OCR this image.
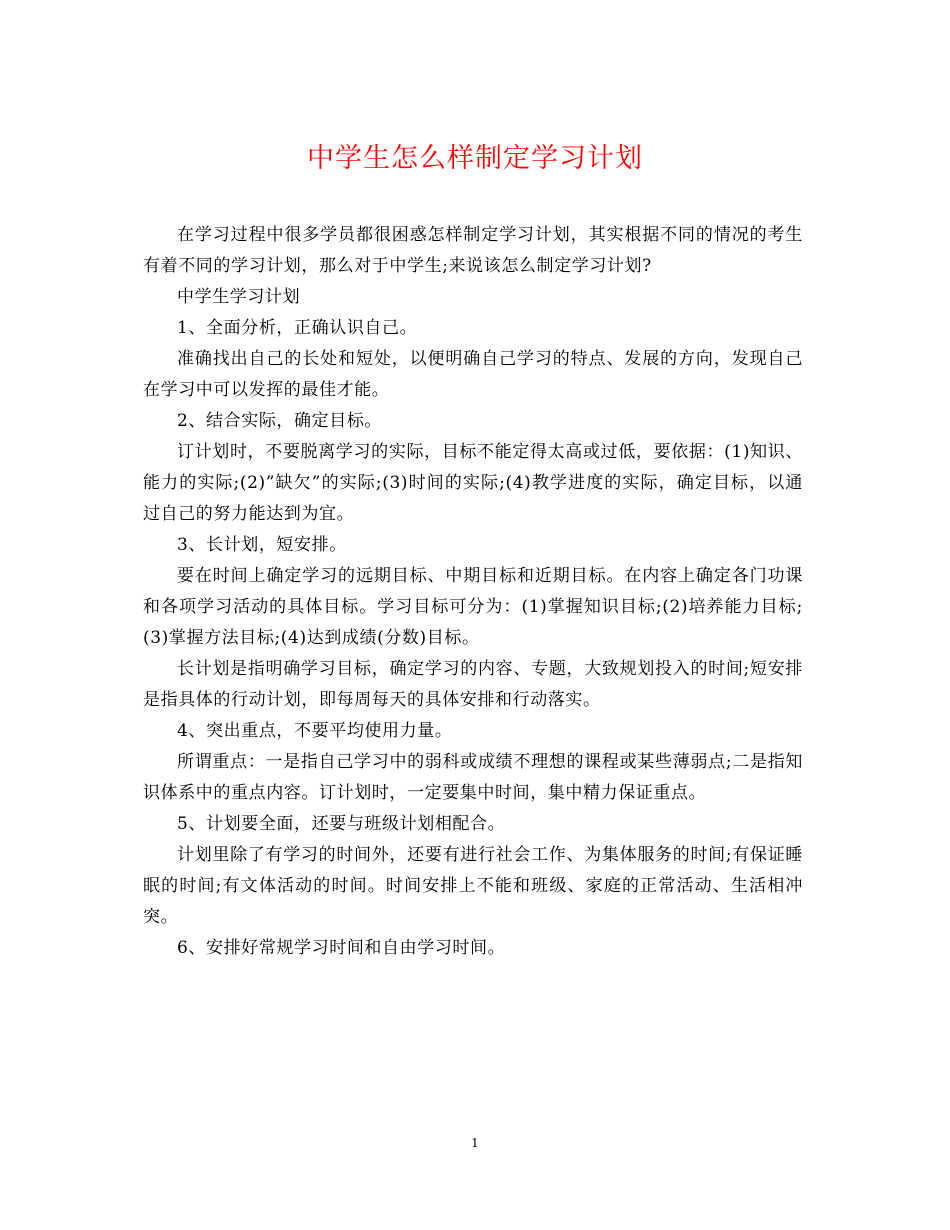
中学生怎么样制定学习计划

在学习过程中很多学员都很困惑怎样制定学习计划，其实根据不同的情况的考生有着不同的学习计划，那么对于中学生;来说该怎么制定学习计划?

中学生学习计划

1、全面分析，正确认识自己。

准确找出自己的长处和短处，以便明确自己学习的特点、发展的方向，发现自己在学习中可以发挥的最佳才能。

2、结合实际，确定目标。

订计划时，不要脱离学习的实际，目标不能定得太高或过低，要依据：(1)知识、能力的实际;(2)”缺欠”的实际;(3)时间的实际;(4)教学进度的实际，确定目标，以通过自己的努力能达到为宜。

3、长计划，短安排。

要在时间上确定学习的远期目标、中期目标和近期目标。在内容上确定各门功课和各项学习活动的具体目标。学习目标可分为：(1)掌握知识目标;(2)培养能力目标;(3)掌握方法目标;(4)达到成绩(分数)目标。

长计划是指明确学习目标，确定学习的内容、专题，大致规划投入的时间;短安排是指具体的行动计划，即每周每天的具体安排和行动落实。

4、突出重点，不要平均使用力量。

所谓重点：一是指自己学习中的弱科或成绩不理想的课程或某些薄弱点;二是指知识体系中的重点内容。订计划时，一定要集中时间，集中精力保证重点。

5、计划要全面，还要与班级计划相配合。

计划里除了有学习的时间外，还要有进行社会工作、为集体服务的时间;有保证睡眠的时间;有文体活动的时间。时间安排上不能和班级、家庭的正常活动、生活相冲突。

6、安排好常规学习时间和自由学习时间。

1
